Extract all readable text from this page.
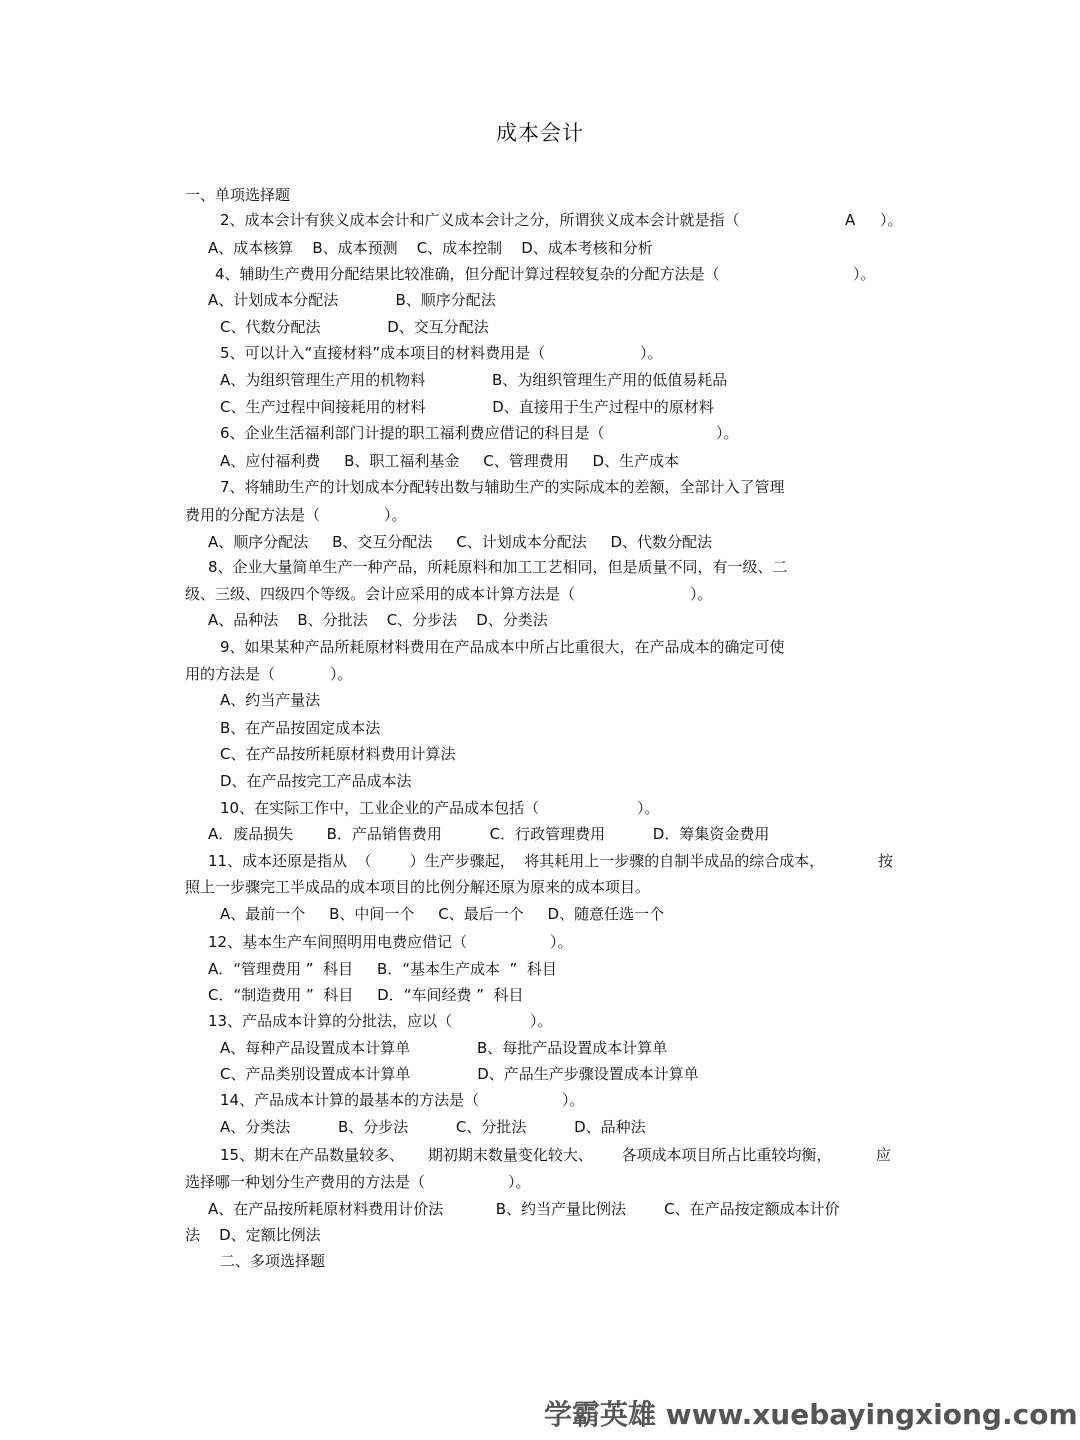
成本会计
一、单项选择题
2、成本会计有狭义成本会计和广义成本会计之分，所谓狭义成本会计就是指（	A ）。
A、成本核算    B、成本预测    C、成本控制    D、成本考核和分析
4、辅助生产费用分配结果比较准确，但分配计算过程较复杂的分配方法是（	）。
A、计划成本分配法            B、顺序分配法
C、代数分配法              D、交互分配法
5、可以计入“直接材料”成本项目的材料费用是（	）。
A、为组织管理生产用的机物料              B、为组织管理生产用的低值易耗品
C、生产过程中间接耗用的材料              D、直接用于生产过程中的原材料
6、企业生活福利部门计提的职工福利费应借记的科目是（	）。
A、应付福利费     B、职工福利基金     C、管理费用     D、生产成本
7、将辅助生产的计划成本分配转出数与辅助生产的实际成本的差额，全部计入了管理
费用的分配方法是（	）。
A、顺序分配法     B、交互分配法     C、计划成本分配法     D、代数分配法
8、企业大量简单生产一种产品，所耗原料和加工工艺相同，但是质量不同，有一级、二
级、三级、四级四个等级。会计应采用的成本计算方法是（	）。
A、品种法    B、分批法    C、分步法    D、分类法
9、如果某种产品所耗原材料费用在产品成本中所占比重很大，在产品成本的确定可使
用的方法是（	）。
A、约当产量法
B、在产品按固定成本法
C、在产品按所耗原材料费用计算法
D、在产品按完工产品成本法
10、在实际工作中，工业企业的产品成本包括（	）。
A．废品损失       B．产品销售费用          C．行政管理费用          D．筹集资金费用
11、成本还原是指从  （        ）生产步骤起，  将其耗用上一步骤的自制半成品的综合成本，	按
照上一步骤完工半成品的成本项目的比例分解还原为原来的成本项目。
A、最前一个     B、中间一个     C、最后一个     D、随意任选一个
12、基本生产车间照明用电费应借记（	）。
A．“管理费用 ”  科目     B．“基本生产成本  ”  科目
C．“制造费用 ”  科目     D．“车间经费 ”  科目
13、产品成本计算的分批法，应以（	）。
A、每种产品设置成本计算单              B、每批产品设置成本计算单
C、产品类别设置成本计算单              D、产品生产步骤设置成本计算单
14、产品成本计算的最基本的方法是（	）。
A、分类法          B、分步法          C、分批法          D、品种法
15、期末在产品数量较多、     期初期末数量变化较大、      各项成本项目所占比重较均衡，	应
选择哪一种划分生产费用的方法是（	）。
A、在产品按所耗原材料费用计价法           B、约当产量比例法        C、在产品按定额成本计价
法    D、定额比例法
二、多项选择题
学霸英雄 www.xuebayingxiong.com
